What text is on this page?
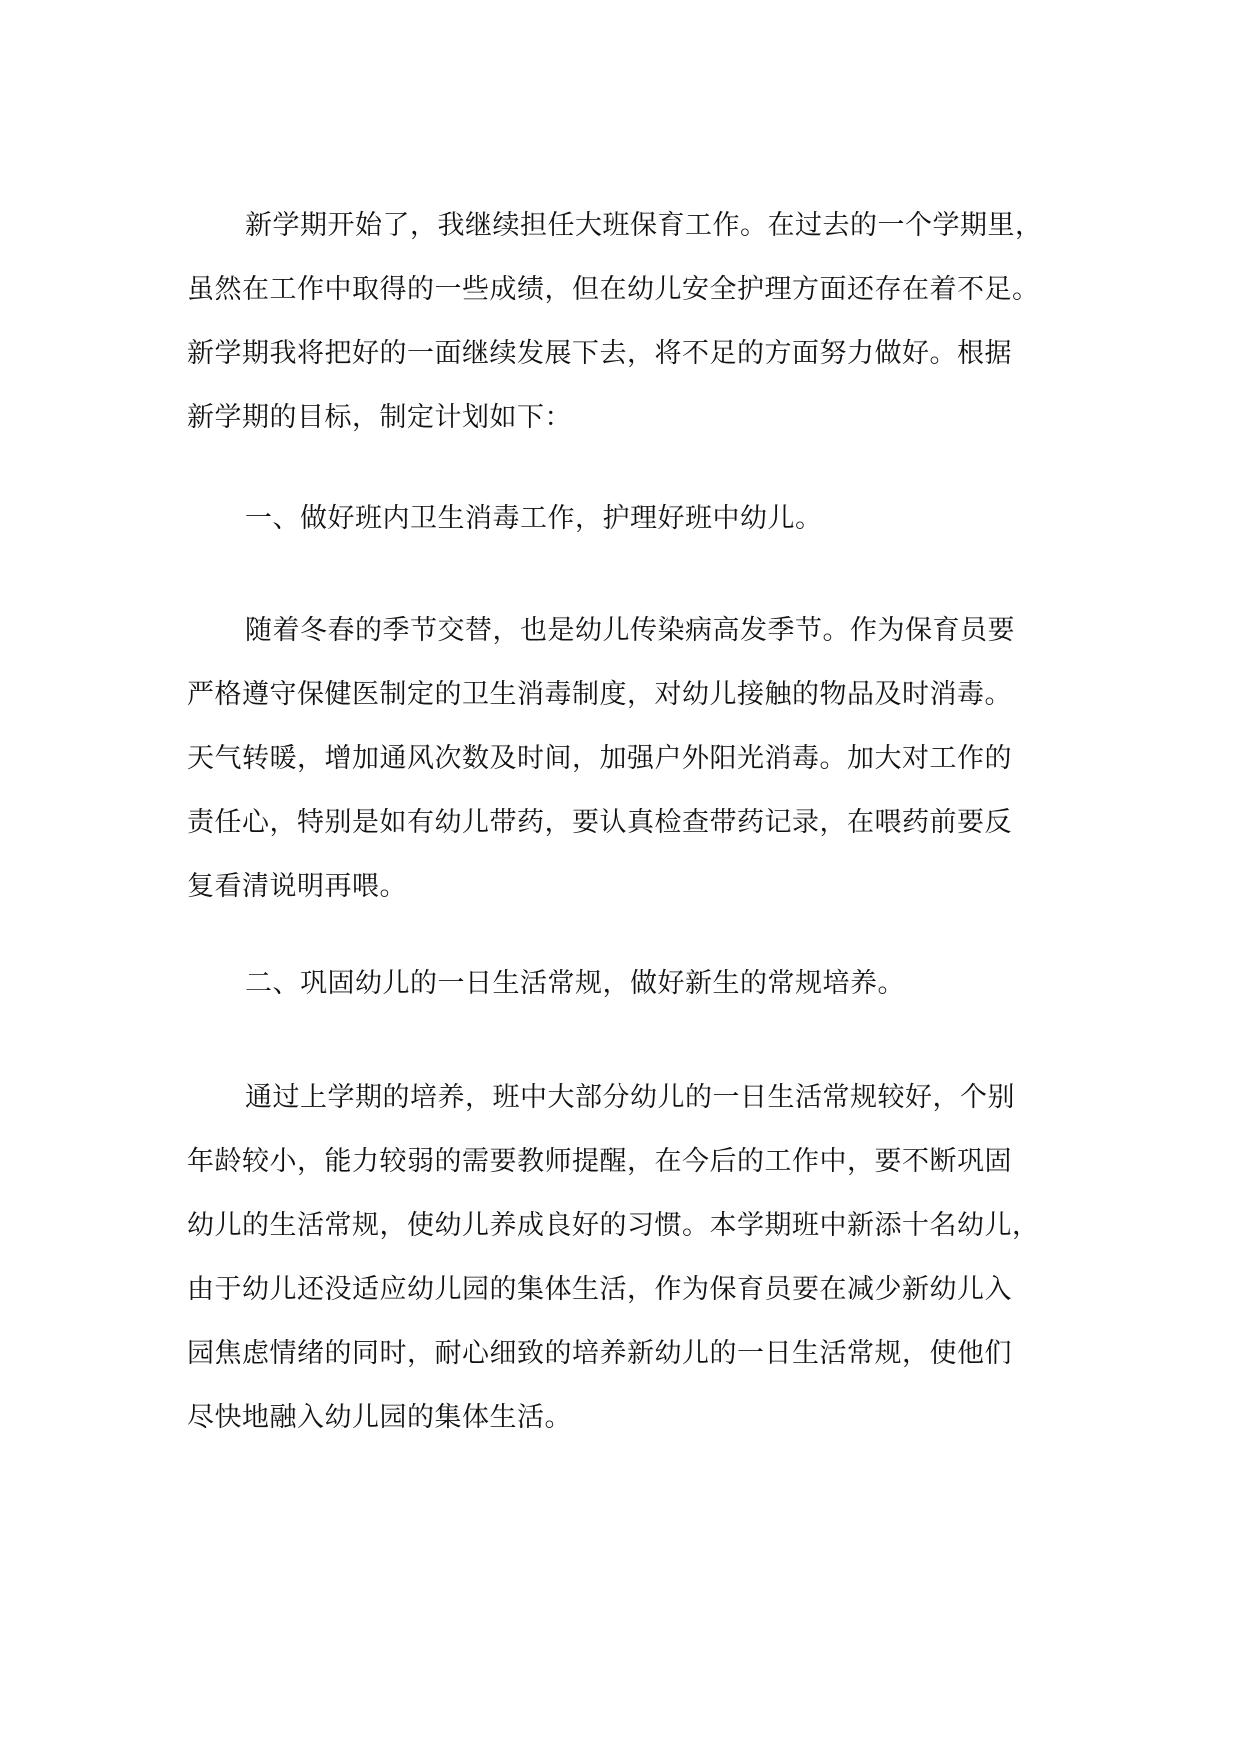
新学期开始了，我继续担任大班保育工作。在过去的一个学期里，
虽然在工作中取得的一些成绩，但在幼儿安全护理方面还存在着不足。
新学期我将把好的一面继续发展下去，将不足的方面努力做好。根据
新学期的目标，制定计划如下：
一、做好班内卫生消毒工作，护理好班中幼儿。
随着冬春的季节交替，也是幼儿传染病高发季节。作为保育员要
严格遵守保健医制定的卫生消毒制度，对幼儿接触的物品及时消毒。
天气转暖，增加通风次数及时间，加强户外阳光消毒。加大对工作的
责任心，特别是如有幼儿带药，要认真检查带药记录，在喂药前要反
复看清说明再喂。
二、巩固幼儿的一日生活常规，做好新生的常规培养。
通过上学期的培养，班中大部分幼儿的一日生活常规较好，个别
年龄较小，能力较弱的需要教师提醒，在今后的工作中，要不断巩固
幼儿的生活常规，使幼儿养成良好的习惯。本学期班中新添十名幼儿，
由于幼儿还没适应幼儿园的集体生活，作为保育员要在减少新幼儿入
园焦虑情绪的同时，耐心细致的培养新幼儿的一日生活常规，使他们
尽快地融入幼儿园的集体生活。
